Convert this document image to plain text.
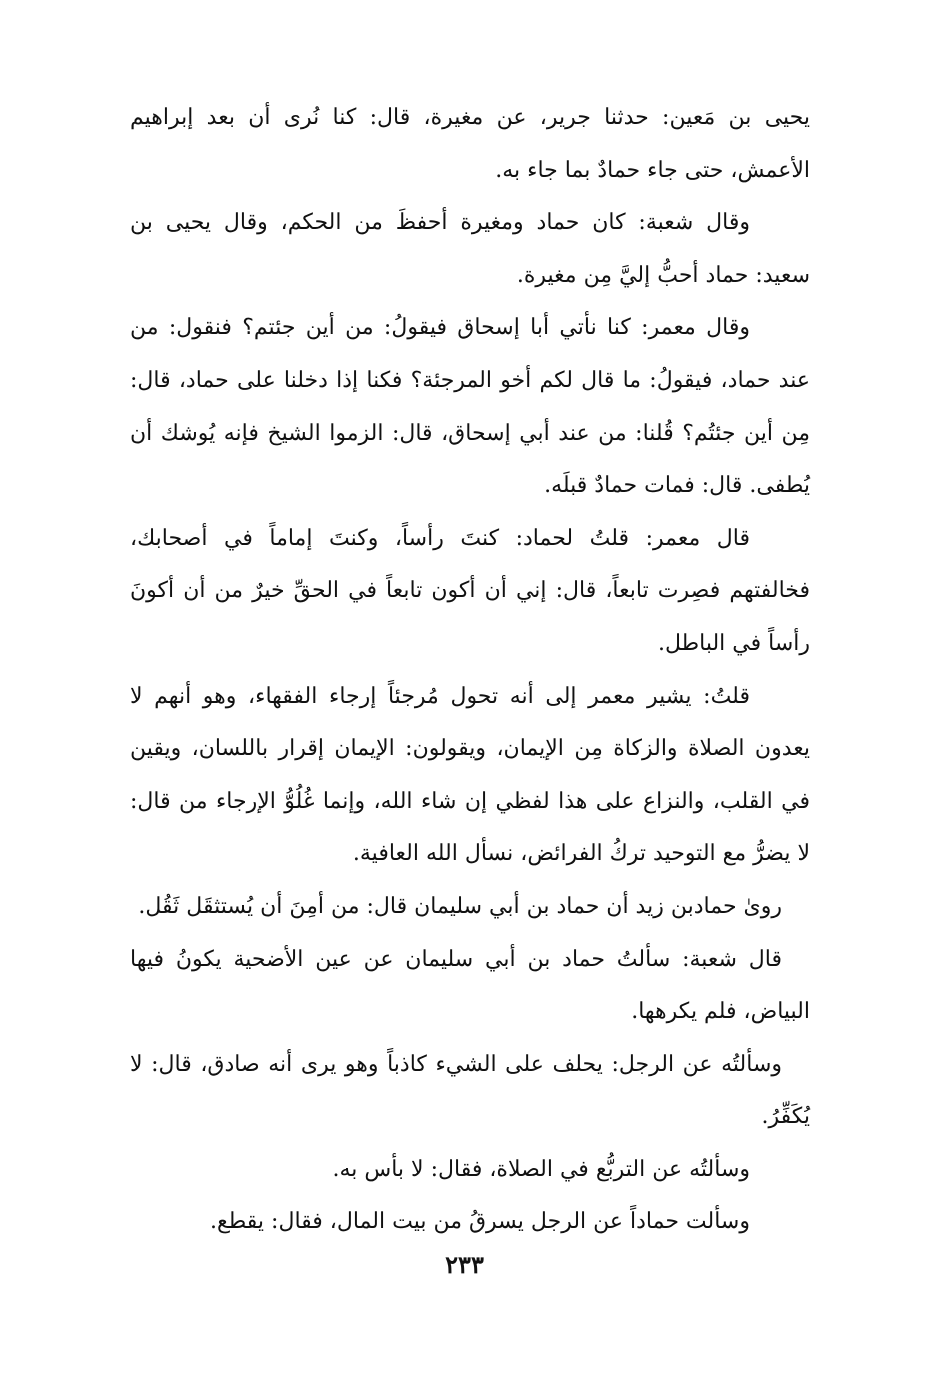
يحيى بن مَعين: حدثنا جرير، عن مغيرة، قال: كنا نُرى أن بعد إبراهيم الأعمش، حتى جاء حمادٌ بما جاء به.

وقال شعبة: كان حماد ومغيرة أحفظَ من الحكم، وقال يحيى بن سعيد: حماد أحبُّ إليَّ مِن مغيرة.

وقال معمر: كنا نأتي أبا إسحاق فيقولُ: من أين جئتم؟ فنقول: من عند حماد، فيقولُ: ما قال لكم أخو المرجئة؟ فكنا إذا دخلنا على حماد، قال: مِن أين جئتُم؟ قُلنا: من عند أبي إسحاق، قال: الزموا الشيخ فإنه يُوشك أن يُطفى. قال: فمات حمادٌ قبلَه.

قال معمر: قلتُ لحماد: كنتَ رأساً، وكنتَ إماماً في أصحابك، فخالفتهم فصِرت تابعاً، قال: إني أن أكون تابعاً في الحقِّ خيرٌ من أن أكونَ رأساً في الباطل.

قلتُ: يشير معمر إلى أنه تحول مُرجئاً إرجاء الفقهاء، وهو أنهم لا يعدون الصلاة والزكاة مِن الإيمان، ويقولون: الإيمان إقرار باللسان، ويقين في القلب، والنزاع على هذا لفظي إن شاء الله، وإنما غُلُوُّ الإرجاء من قال: لا يضرُّ مع التوحيد تركُ الفرائض، نسأل الله العافية.

روىٰ حمادبن زيد أن حماد بن أبي سليمان قال: من أمِنَ أن يُستثقَل ثَقُل.

قال شعبة: سألتُ حماد بن أبي سليمان عن عين الأضحية يكونُ فيها البياض، فلم يكرهها.

وسألتُه عن الرجل: يحلف على الشيء كاذباً وهو يرى أنه صادق، قال: لا يُكَفِّرُ.

وسألتُه عن التربُّع في الصلاة، فقال: لا بأس به.

وسألت حماداً عن الرجل يسرقُ من بيت المال، فقال: يقطع.

٢٣٣
